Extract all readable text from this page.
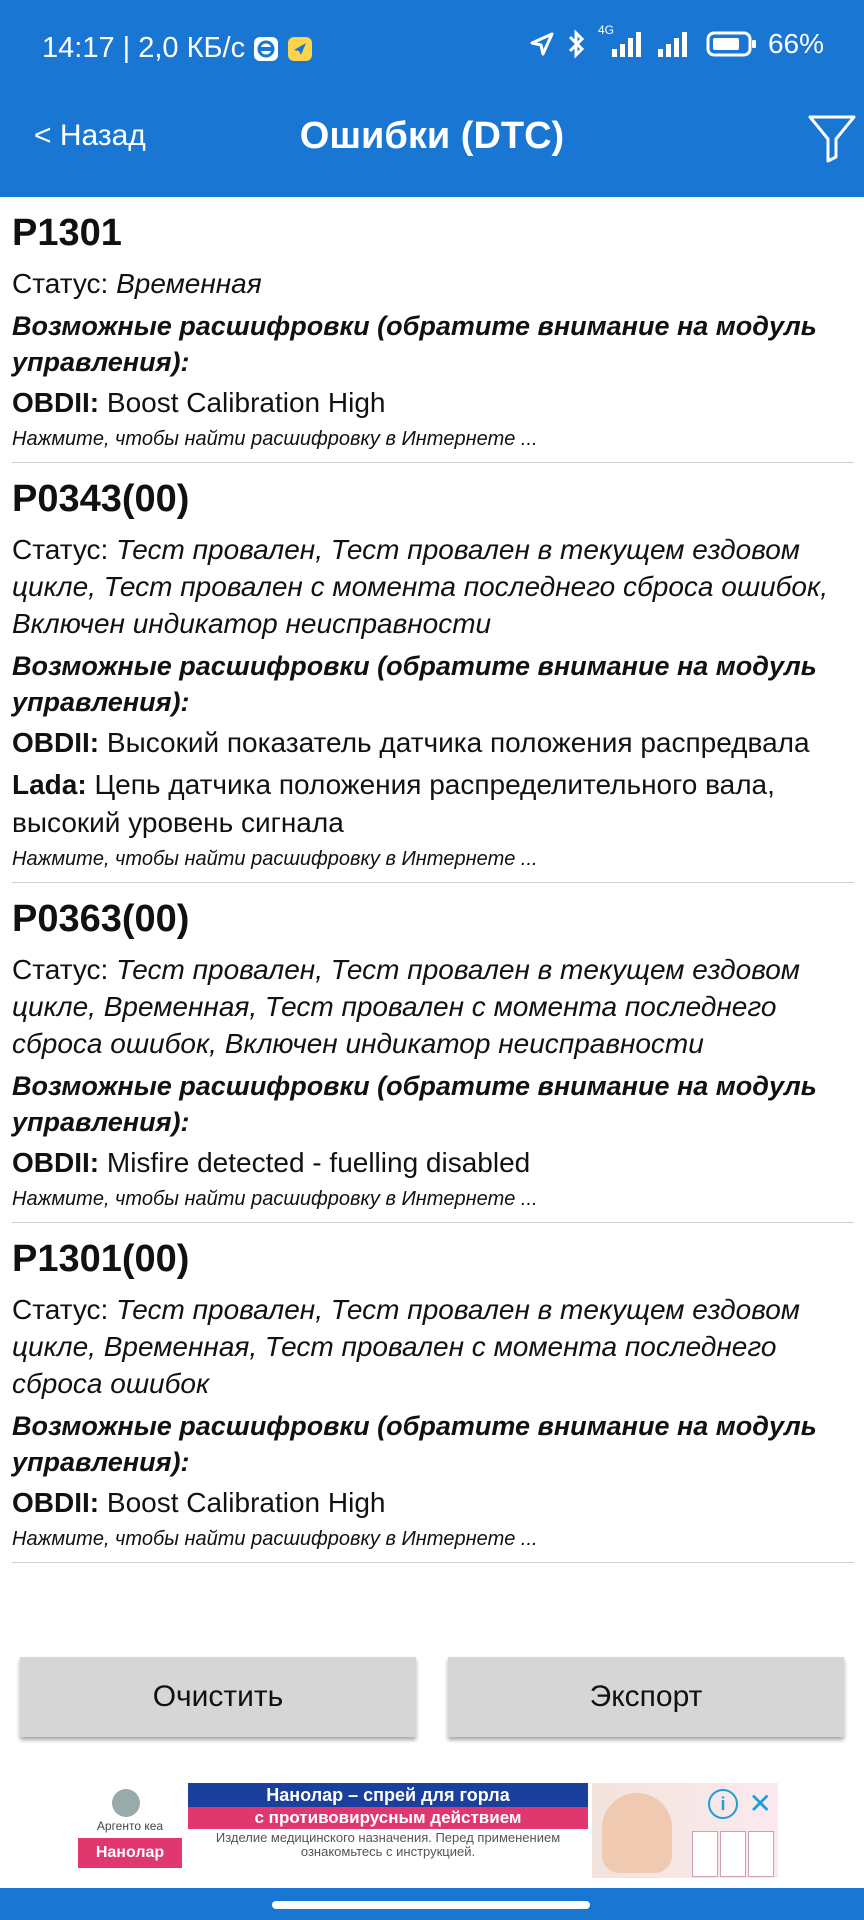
14:17 | 2,0 КБ/с
4G	66%
< Назад	Ошибки (DTC)
P1301
Статус: Временная
Возможные расшифровки (обратите внимание на модуль управления):
OBDII: Boost Calibration High
Нажмите, чтобы найти расшифровку в Интернете ...
P0343(00)
Статус: Тест провален, Тест провален в текущем ездовом цикле, Тест провален с момента последнего сброса ошибок, Включен индикатор неисправности
Возможные расшифровки (обратите внимание на модуль управления):
OBDII: Высокий показатель датчика положения распредвала
Lada: Цепь датчика положения распределительного вала, высокий уровень сигнала
Нажмите, чтобы найти расшифровку в Интернете ...
P0363(00)
Статус: Тест провален, Тест провален в текущем ездовом цикле, Временная, Тест провален с момента последнего сброса ошибок, Включен индикатор неисправности
Возможные расшифровки (обратите внимание на модуль управления):
OBDII: Misfire detected - fuelling disabled
Нажмите, чтобы найти расшифровку в Интернете ...
P1301(00)
Статус: Тест провален, Тест провален в текущем ездовом цикле, Временная, Тест провален с момента последнего сброса ошибок
Возможные расшифровки (обратите внимание на модуль управления):
OBDII: Boost Calibration High
Нажмите, чтобы найти расшифровку в Интернете ...
Очистить	Экспорт
Аргенто кеа
Нанолар
Нанолар – спрей для горла
с противовирусным действием
Изделие медицинского назначения. Перед применением ознакомьтесь с инструкцией.
i ✕
